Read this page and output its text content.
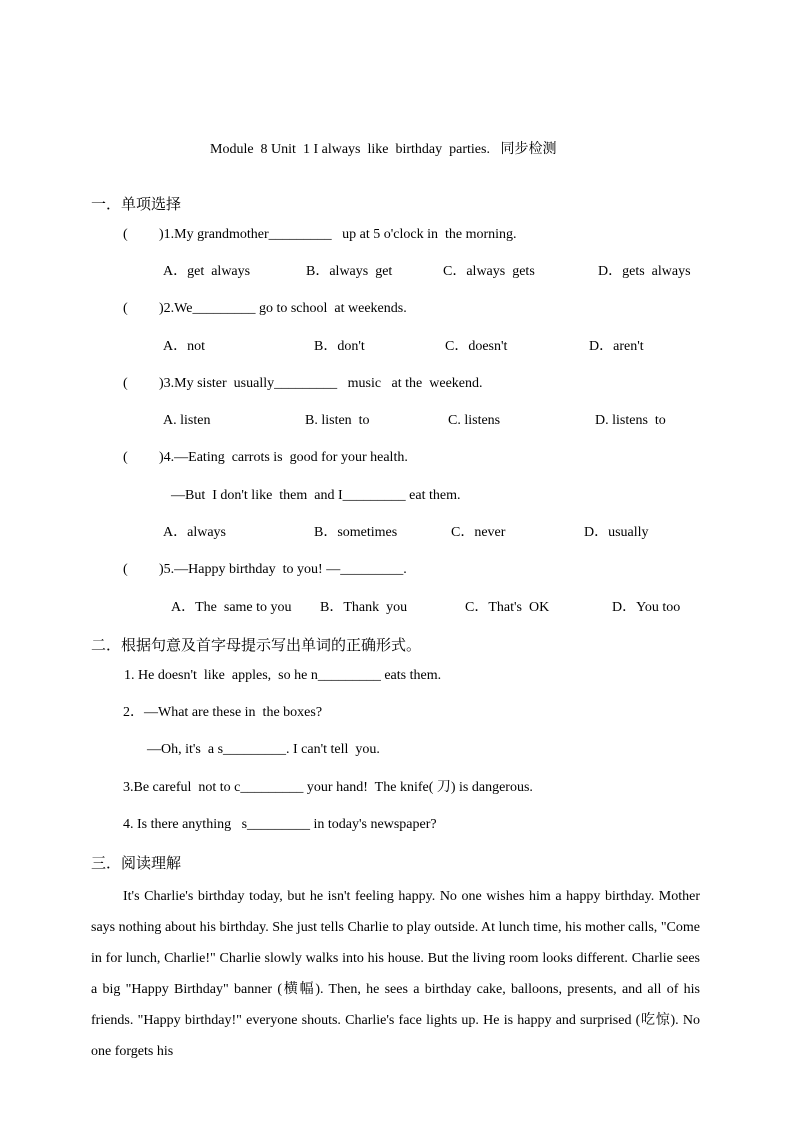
Module  8 Unit  1 I always  like  birthday  parties.   同步检测
一．单项选择
( )1.My grandmother_________   up at 5 o'clock in  the morning.
A．get  always	B．always  get	C．always  gets	D．gets  always
( )2.We_________ go to school  at weekends.
A．not	B．don't	C．doesn't	D．aren't
( )3.My sister  usually_________   music   at the  weekend.
A. listen	B. listen  to	C. listens	D. listens  to
( )4.—Eating  carrots is  good for your health.
—But  I don't like  them  and I_________ eat them.
A．always	B．sometimes	C．never	D．usually
( )5.—Happy birthday  to you! —_________.
A．The  same to you B．Thank  you	C．That's  OK	D．You too
二．根据句意及首字母提示写出单词的正确形式。
1. He doesn't  like  apples,  so he n_________ eats them.
2．—What are these in  the boxes?
—Oh, it's  a s_________. I can't tell  you.
3.Be careful  not to c_________ your hand!  The knife( 刀) is dangerous.
4. Is there anything   s_________ in today's newspaper?
三．阅读理解
It's Charlie's birthday today, but he isn't feeling happy. No one wishes him a happy birthday. Mother says nothing about his birthday. She just tells Charlie to play outside. At lunch time, his mother calls, "Come in for lunch, Charlie!" Charlie slowly walks into his house. But the living room looks different. Charlie sees a big "Happy Birthday" banner (横幅). Then, he sees a birthday cake, balloons, presents, and all of his friends. "Happy birthday!" everyone shouts. Charlie's face lights up. He is happy and surprised (吃惊). No one forgets his
